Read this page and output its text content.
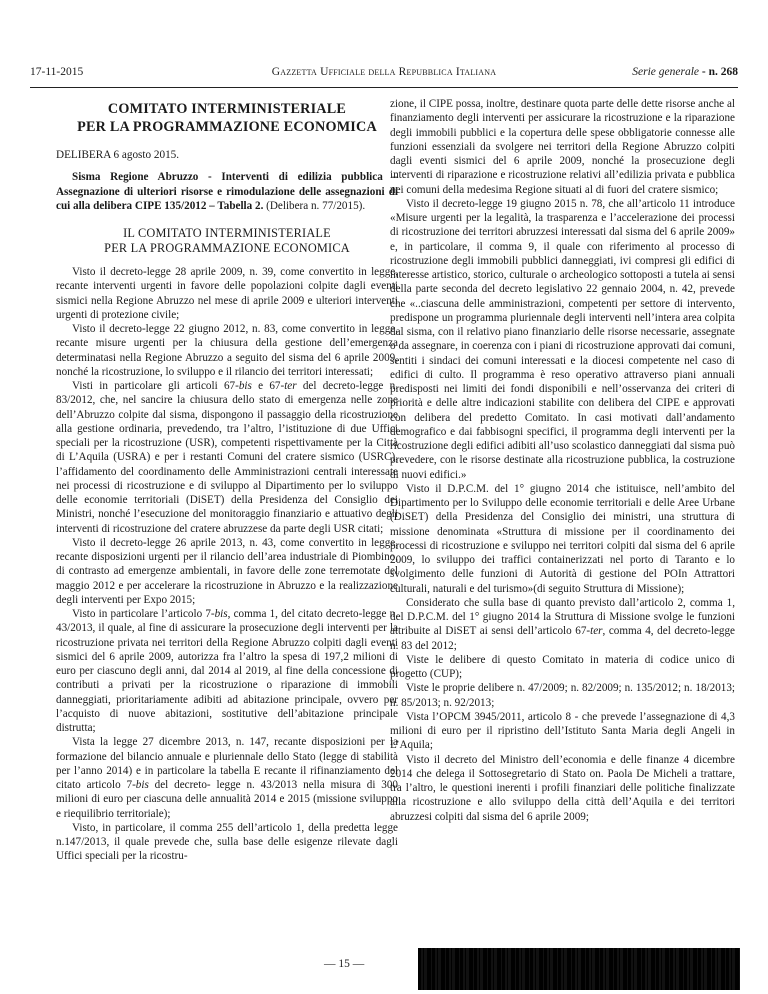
17-11-2015	Gazzetta Ufficiale della Repubblica Italiana	Serie generale - n. 268
COMITATO INTERMINISTERIALE
PER LA PROGRAMMAZIONE ECONOMICA

DELIBERA 6 agosto 2015.

Sisma Regione Abruzzo - Interventi di edilizia pubblica –Assegnazione di ulteriori risorse e rimodulazione delle assegnazioni di cui alla delibera CIPE 135/2012 – Tabella 2. (Delibera n. 77/2015).

IL COMITATO INTERMINISTERIALE
PER LA PROGRAMMAZIONE ECONOMICA

Visto il decreto-legge 28 aprile 2009, n. 39, come convertito in legge, recante interventi urgenti in favore delle popolazioni colpite dagli eventi sismici nella Regione Abruzzo nel mese di aprile 2009 e ulteriori interventi urgenti di protezione civile;

Visto il decreto-legge 22 giugno 2012, n. 83, come convertito in legge, recante misure urgenti per la chiusura della gestione dell’emergenza determinatasi nella Regione Abruzzo a seguito del sisma del 6 aprile 2009, nonché la ricostruzione, lo sviluppo e il rilancio dei territori interessati;

Visti in particolare gli articoli 67-bis e 67-ter del decreto-legge n. 83/2012, che, nel sancire la chiusura dello stato di emergenza nelle zone dell’Abruzzo colpite dal sisma, dispongono il passaggio della ricostruzione alla gestione ordinaria, prevedendo, tra l’altro, l’istituzione di due Uffici speciali per la ricostruzione (USR), competenti rispettivamente per la Città di L’Aquila (USRA) e per i restanti Comuni del cratere sismico (USRC), l’affidamento del coordinamento delle Amministrazioni centrali interessate nei processi di ricostruzione e di sviluppo al Dipartimento per lo sviluppo delle economie territoriali (DiSET) della Presidenza del Consiglio dei Ministri, nonché l’esecuzione del monitoraggio finanziario e attuativo degli interventi di ricostruzione del cratere abruzzese da parte degli USR citati;

Visto il decreto-legge 26 aprile 2013, n. 43, come convertito in legge, recante disposizioni urgenti per il rilancio dell’area industriale di Piombino, di contrasto ad emergenze ambientali, in favore delle zone terremotate del maggio 2012 e per accelerare la ricostruzione in Abruzzo e la realizzazione degli interventi per Expo 2015;

Visto in particolare l’articolo 7-bis, comma 1, del citato decreto-legge n. 43/2013, il quale, al fine di assicurare la prosecuzione degli interventi per la ricostruzione privata nei territori della Regione Abruzzo colpiti dagli eventi sismici del 6 aprile 2009, autorizza fra l’altro la spesa di 197,2 milioni di euro per ciascuno degli anni, dal 2014 al 2019, al fine della concessione di contributi a privati per la ricostruzione o riparazione di immobili danneggiati, prioritariamente adibiti ad abitazione principale, ovvero per l’acquisto di nuove abitazioni, sostitutive dell’abitazione principale distrutta;

Vista la legge 27 dicembre 2013, n. 147, recante disposizioni per la formazione del bilancio annuale e pluriennale dello Stato (legge di stabilità per l’anno 2014) e in particolare la tabella E recante il rifinanziamento del citato articolo 7-bis del decreto- legge n. 43/2013 nella misura di 300 milioni di euro per ciascuna delle annualità 2014 e 2015 (missione sviluppo e riequilibrio territoriale);

Visto, in particolare, il comma 255 dell’articolo 1, della predetta legge n.147/2013, il quale prevede che, sulla base delle esigenze rilevate dagli Uffici speciali per la ricostru-

zione, il CIPE possa, inoltre, destinare quota parte delle dette risorse anche al finanziamento degli interventi per assicurare la ricostruzione e la riparazione degli immobili pubblici e la copertura delle spese obbligatorie connesse alle funzioni essenziali da svolgere nei territori della Regione Abruzzo colpiti dagli eventi sismici del 6 aprile 2009, nonché la prosecuzione degli interventi di riparazione e ricostruzione relativi all’edilizia privata e pubblica nei comuni della medesima Regione situati al di fuori del cratere sismico;

Visto il decreto-legge 19 giugno 2015 n. 78, che all’articolo 11 introduce «Misure urgenti per la legalità, la trasparenza e l’accelerazione dei processi di ricostruzione dei territori abruzzesi interessati dal sisma del 6 aprile 2009» e, in particolare, il comma 9, il quale con riferimento al processo di ricostruzione degli immobili pubblici danneggiati, ivi compresi gli edifici di interesse artistico, storico, culturale o archeologico sottoposti a tutela ai sensi della parte seconda del decreto legislativo 22 gennaio 2004, n. 42, prevede che «..ciascuna delle amministrazioni, competenti per settore di intervento, predispone un programma pluriennale degli interventi nell’intera area colpita dal sisma, con il relativo piano finanziario delle risorse necessarie, assegnate o da assegnare, in coerenza con i piani di ricostruzione approvati dai comuni, sentiti i sindaci dei comuni interessati e la diocesi competente nel caso di edifici di culto. Il programma è reso operativo attraverso piani annuali predisposti nei limiti dei fondi disponibili e nell’osservanza dei criteri di priorità e delle altre indicazioni stabilite con delibera del CIPE e approvati con delibera del predetto Comitato. In casi motivati dall’andamento demografico e dai fabbisogni specifici, il programma degli interventi per la ricostruzione degli edifici adibiti all’uso scolastico danneggiati dal sisma può prevedere, con le risorse destinate alla ricostruzione pubblica, la costruzione di nuovi edifici.»

Visto il D.P.C.M. del 1° giugno 2014 che istituisce, nell’ambito del Dipartimento per lo Sviluppo delle economie territoriali e delle Aree Urbane (DiSET) della Presidenza del Consiglio dei ministri, una struttura di missione denominata «Struttura di missione per il coordinamento dei processi di ricostruzione e sviluppo nei territori colpiti dal sisma del 6 aprile 2009, lo sviluppo dei traffici containerizzati nel porto di Taranto e lo svolgimento delle funzioni di Autorità di gestione del POIn Attrattori culturali, naturali e del turismo»(di seguito Struttura di Missione);

Considerato che sulla base di quanto previsto dall’articolo 2, comma 1, del D.P.C.M. del 1° giugno 2014 la Struttura di Missione svolge le funzioni attribuite al DiSET ai sensi dell’articolo 67-ter, comma 4, del decreto-legge n. 83 del 2012;

Viste le delibere di questo Comitato in materia di codice unico di progetto (CUP);

Viste le proprie delibere n. 47/2009; n. 82/2009; n. 135/2012; n. 18/2013; n. 85/2013; n. 92/2013;

Vista l’OPCM 3945/2011, articolo 8 - che prevede l’assegnazione di 4,3 milioni di euro per il ripristino dell’Istituto Santa Maria degli Angeli in L’Aquila;

Visto il decreto del Ministro dell’economia e delle finanze 4 dicembre 2014 che delega il Sottosegretario di Stato on. Paola De Micheli a trattare, tra l’altro, le questioni inerenti i profili finanziari delle politiche finalizzate alla ricostruzione e allo sviluppo della città dell’Aquila e dei territori abruzzesi colpiti dal sisma del 6 aprile 2009;

— 15 —
